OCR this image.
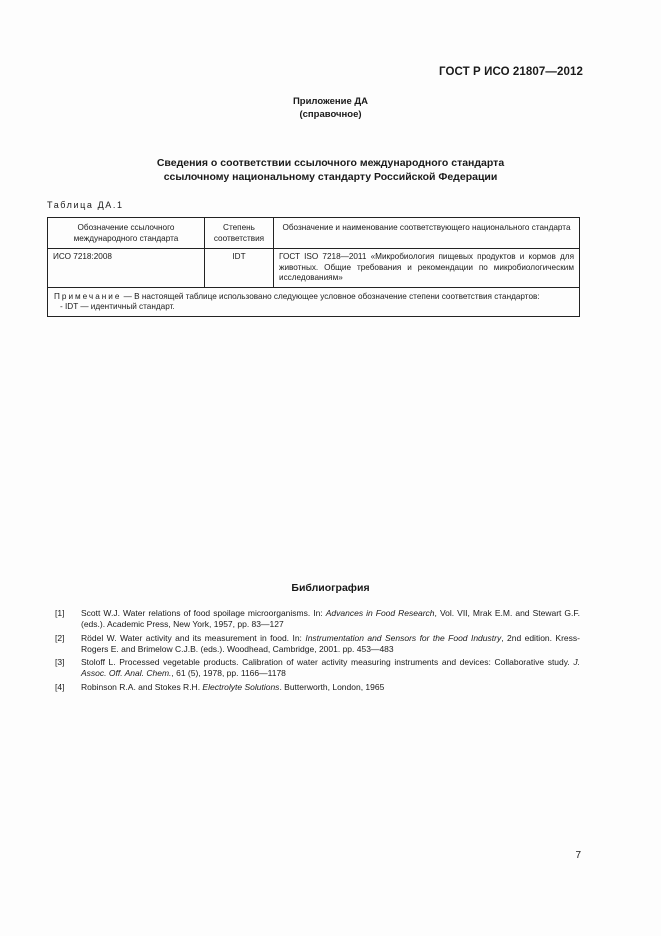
ГОСТ Р ИСО 21807—2012
Приложение ДА
(справочное)
Сведения о соответствии ссылочного международного стандарта
ссылочному национальному стандарту Российской Федерации
Таблица ДА.1
Обозначение ссылочного международного стандарта	Степень соответствия	Обозначение и наименование соответствующего национального стандарта
ИСО 7218:2008	IDT	ГОСТ ISO 7218—2011 «Микробиология пищевых продуктов и кормов для животных. Общие требования и рекомендации по микробиологическим исследованиям»
Примечание — В настоящей таблице использовано следующее условное обозначение степени соответствия стандартов:
- IDT — идентичный стандарт.		
Библиография
[1]	Scott W.J. Water relations of food spoilage microorganisms. In: Advances in Food Research, Vol. VII, Mrak E.M. and Stewart G.F. (eds.). Academic Press, New York, 1957, pp. 83—127
[2]	Rödel W. Water activity and its measurement in food. In: Instrumentation and Sensors for the Food Industry, 2nd edition. Kress-Rogers E. and Brimelow C.J.B. (eds.). Woodhead, Cambridge, 2001. pp. 453—483
[3]	Stoloff L. Processed vegetable products. Calibration of water activity measuring instruments and devices: Collaborative study. J. Assoc. Off. Anal. Chem., 61 (5), 1978, pp. 1166—1178
[4]	Robinson R.A. and Stokes R.H. Electrolyte Solutions. Butterworth, London, 1965
7
